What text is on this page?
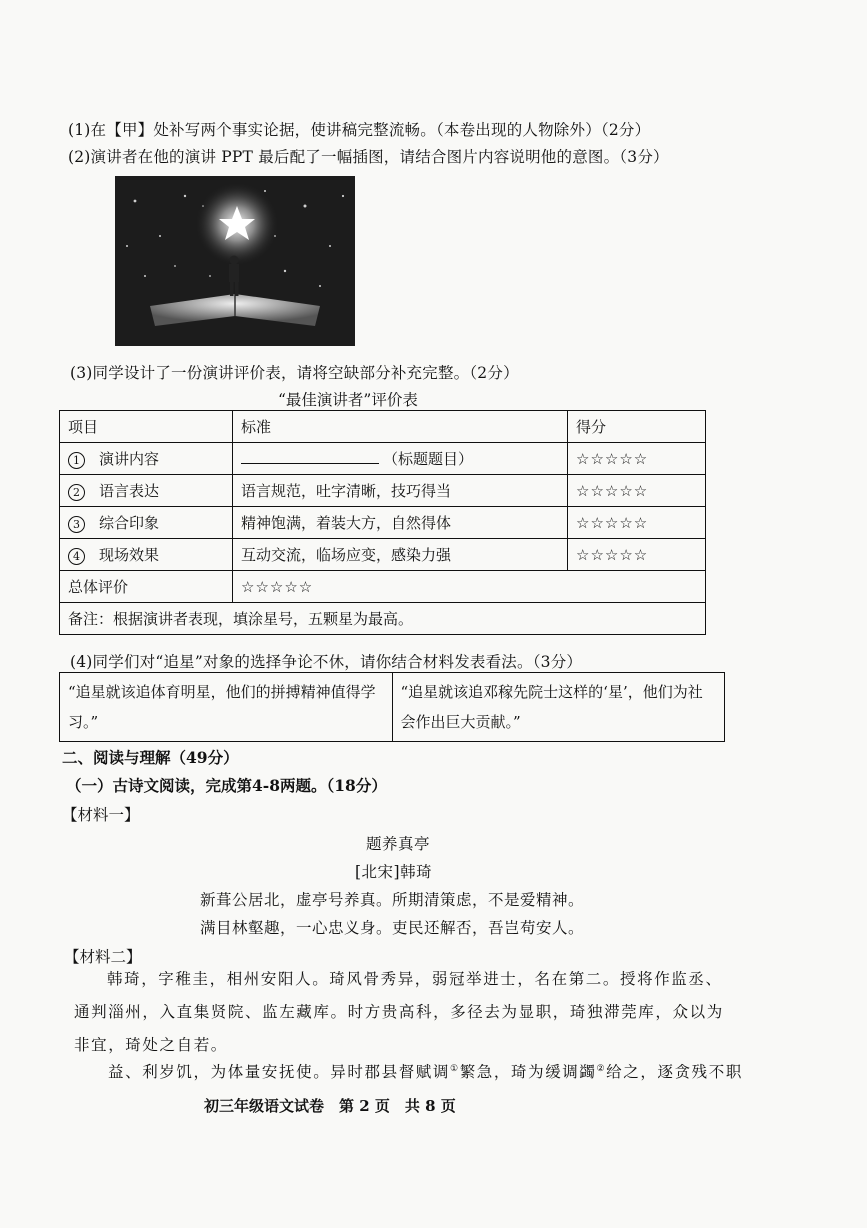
(1)在【甲】处补写两个事实论据，使讲稿完整流畅。（本卷出现的人物除外）（2分）
(2)演讲者在他的演讲 PPT 最后配了一幅插图，请结合图片内容说明他的意图。（3分）
(3)同学设计了一份演讲评价表，请将空缺部分补充完整。（2分）
“最佳演讲者”评价表
项目	标准	得分
1 演讲内容	（标题题目）	☆☆☆☆☆
2 语言表达	语言规范，吐字清晰，技巧得当	☆☆☆☆☆
3 综合印象	精神饱满，着装大方，自然得体	☆☆☆☆☆
4 现场效果	互动交流，临场应变，感染力强	☆☆☆☆☆
总体评价	☆☆☆☆☆	
备注：根据演讲者表现，填涂星号，五颗星为最高。		
(4)同学们对“追星”对象的选择争论不休，请你结合材料发表看法。（3分）
“追星就该追体育明星，他们的拼搏精神值得学习。”	“追星就该追邓稼先院士这样的‘星’，他们为社会作出巨大贡献。”
二、阅读与理解（49分）
（一）古诗文阅读，完成第4-8两题。（18分）
【材料一】
题养真亭
[北宋]韩琦
新葺公居北，虚亭号养真。所期清策虑，不是爱精神。
满目林壑趣，一心忠义身。吏民还解否，吾岂苟安人。
【材料二】
韩琦，字稚圭，相州安阳人。琦风骨秀异，弱冠举进士，名在第二。授将作监丞、通判淄州，入直集贤院、监左藏库。时方贵高科，多径去为显职，琦独滞莞库，众以为非宜，琦处之自若。
益、利岁饥，为体量安抚使。异时郡县督赋调①繁急，琦为缓调蠲②给之，逐贪残不职
初三年级语文试卷　第 2 页　共 8 页
